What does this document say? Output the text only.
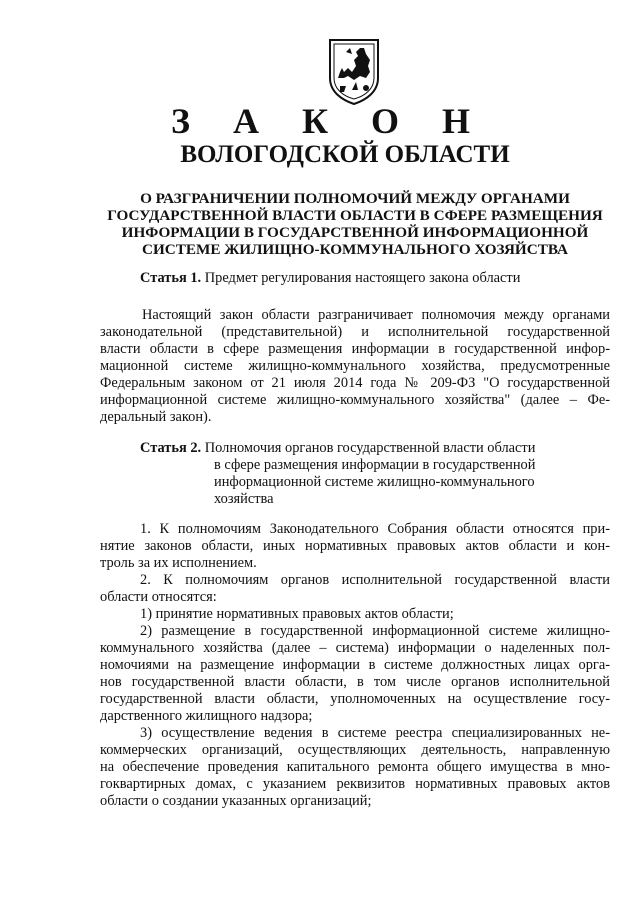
З А К О Н
ВОЛОГОДСКОЙ ОБЛАСТИ
О РАЗГРАНИЧЕНИИ ПОЛНОМОЧИЙ МЕЖДУ ОРГАНАМИ
ГОСУДАРСТВЕННОЙ ВЛАСТИ ОБЛАСТИ В СФЕРЕ РАЗМЕЩЕНИЯ
ИНФОРМАЦИИ В ГОСУДАРСТВЕННОЙ ИНФОРМАЦИОННОЙ
СИСТЕМЕ ЖИЛИЩНО-КОММУНАЛЬНОГО ХОЗЯЙСТВА
Статья 1. Предмет регулирования настоящего закона области
Настоящий закон области разграничивает полномочия между органами
законодательной (представительной) и исполнительной государственной
власти области в сфере размещения информации в государственной инфор-
мационной системе жилищно-коммунального хозяйства, предусмотренные
Федеральным законом от 21 июля 2014 года № 209-ФЗ "О государственной
информационной системе жилищно-коммунального хозяйства" (далее – Фе-
деральный закон).
Статья 2. Полномочия органов государственной власти области
в сфере размещения информации в государственной
информационной системе жилищно-коммунального
хозяйства
1. К полномочиям Законодательного Собрания области относятся при-
нятие законов области, иных нормативных правовых актов области и кон-
троль за их исполнением.
2. К полномочиям органов исполнительной государственной власти
области относятся:
1) принятие нормативных правовых актов области;
2) размещение в государственной информационной системе жилищно-
коммунального хозяйства (далее – система) информации о наделенных пол-
номочиями на размещение информации в системе должностных лицах орга-
нов государственной власти области, в том числе органов исполнительной
государственной власти области, уполномоченных на осуществление госу-
дарственного жилищного надзора;
3) осуществление ведения в системе реестра специализированных не-
коммерческих организаций, осуществляющих деятельность, направленную
на обеспечение проведения капитального ремонта общего имущества в мно-
гоквартирных домах, с указанием реквизитов нормативных правовых актов
области о создании указанных организаций;
